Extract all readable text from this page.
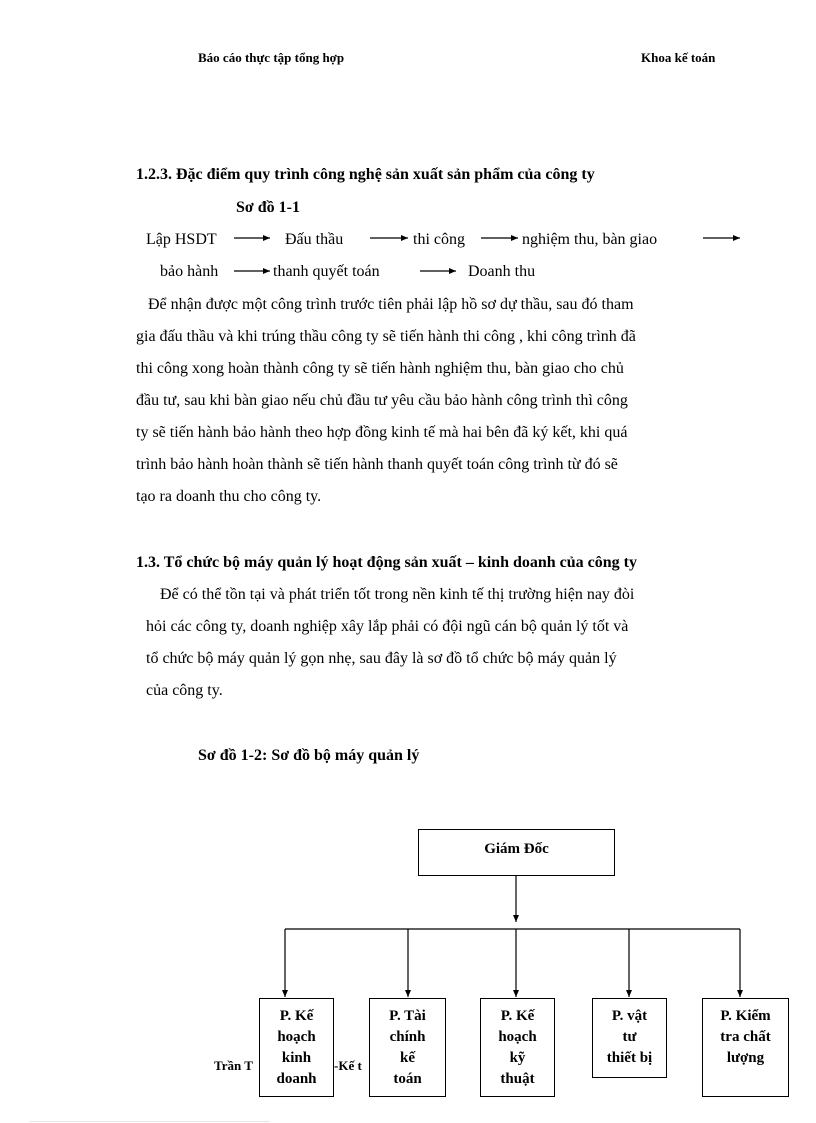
Báo cáo thực tập tổng hợp	Khoa kế toán
1.2.3. Đặc điểm quy trình công nghệ sản xuất sản phẩm của công ty
Sơ đồ 1-1
Lập HSDT	Đấu thầu	thi công	nghiệm thu, bàn giao
bảo hành	thanh quyết toán	Doanh thu
Để nhận được một công trình trước tiên phải lập hồ sơ dự thầu, sau đó tham
gia đấu thầu và khi trúng thầu công ty sẽ tiến hành thi công , khi công trình đã
thi công xong hoàn thành công ty sẽ tiến hành nghiệm thu, bàn giao cho chủ
đầu tư, sau khi bàn giao nếu chủ đầu tư yêu cầu bảo hành công trình thì công
ty sẽ tiến hành bảo hành theo hợp đồng kinh tế mà hai bên đã ký kết, khi quá
trình bảo hành hoàn thành sẽ tiến hành thanh quyết toán công trình từ đó sẽ
tạo ra doanh thu cho công ty.
1.3. Tổ chức bộ máy quản lý hoạt động sản xuất – kinh doanh của công ty
Để có thể tồn tại và phát triển tốt trong nền kinh tế thị trường hiện nay đòi
hỏi các công ty, doanh nghiệp xây lắp phải có đội ngũ cán bộ quản lý tốt và
tổ chức bộ máy quản lý gọn nhẹ, sau đây là sơ đồ tổ chức bộ máy quản lý
của công ty.
Sơ đồ 1-2: Sơ đồ bộ máy quản lý
Giám Đốc
Trần T	-Kế t
P. Kế
hoạch
kinh
doanh
P. Tài
chính
kế
toán
P. Kế
hoạch
kỹ
thuật
P. vật
tư
thiết bị
P. Kiểm
tra chất
lượng
